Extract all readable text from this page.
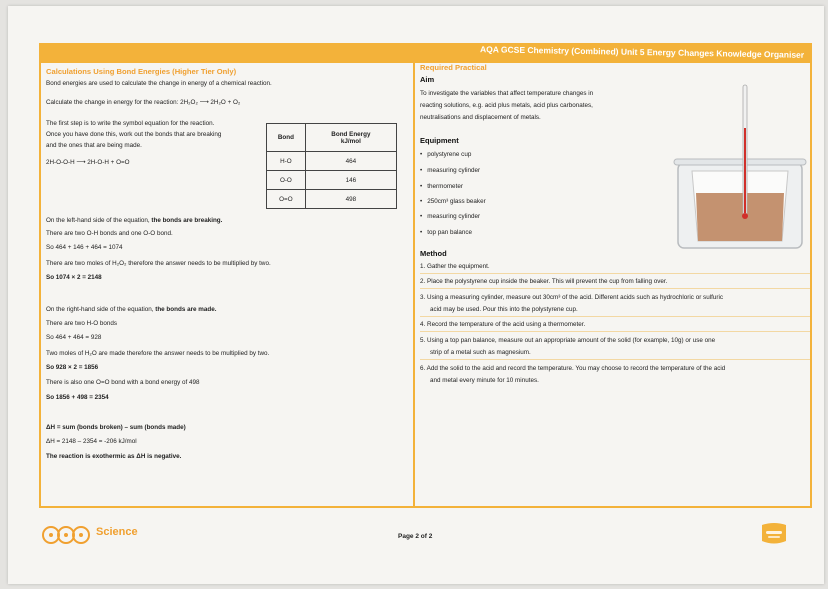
AQA GCSE Chemistry (Combined) Unit 5 Energy Changes Knowledge Organiser
Calculations Using Bond Energies (Higher Tier Only)
Bond energies are used to calculate the change in energy of a chemical reaction.
Calculate the change in energy for the reaction: 2H₂O₂ ⟶ 2H₂O + O₂
The first step is to write the symbol equation for the reaction.
Once you have done this, work out the bonds that are breaking
and the ones that are being made.
2H-O-O-H ⟶ 2H-O-H + O=O
Bond	Bond Energy
kJ/mol

H-O	464
O-O	146
O=O	498
On the left-hand side of the equation, the bonds are breaking.
There are two O-H bonds and one O-O bond.
So 464 + 146 + 464 = 1074
There are two moles of H₂O₂ therefore the answer needs to be multiplied by two.
So 1074 × 2 = 2148
On the right-hand side of the equation, the bonds are made.
There are two H-O bonds
So 464 + 464 = 928
Two moles of H₂O are made therefore the answer needs to be multiplied by two.
So 928 × 2 = 1856
There is also one O=O bond with a bond energy of 498
So 1856 + 498 = 2354
ΔH = sum (bonds broken) – sum (bonds made)
ΔH = 2148 – 2354 = -206 kJ/mol
The reaction is exothermic as ΔH is negative.
Required Practical
Aim
To investigate the variables that affect temperature changes in
reacting solutions, e.g. acid plus metals, acid plus carbonates,
neutralisations and displacement of metals.
Equipment
• polystyrene cup
• measuring cylinder
• thermometer
• 250cm³ glass beaker
• measuring cylinder
• top pan balance
Method
1. Gather the equipment.
2. Place the polystyrene cup inside the beaker. This will prevent the cup from falling over.
3. Using a measuring cylinder, measure out 30cm³ of the acid. Different acids such as hydrochloric or sulfuric
acid may be used. Pour this into the polystyrene cup.
4. Record the temperature of the acid using a thermometer.
5. Using a top pan balance, measure out an appropriate amount of the solid (for example, 10g) or use one
strip of a metal such as magnesium.
6. Add the solid to the acid and record the temperature. You may choose to record the temperature of the acid
and metal every minute for 10 minutes.
Science	Page 2 of 2
